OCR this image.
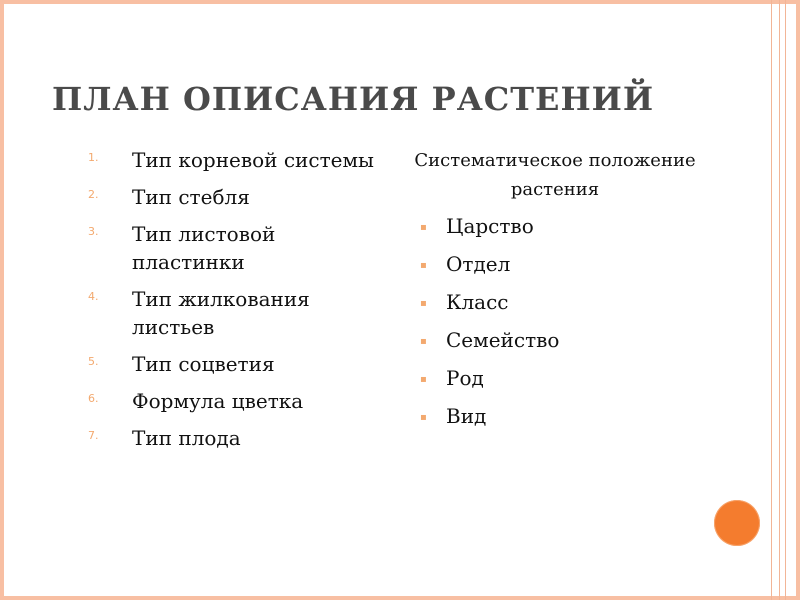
ПЛАН ОПИСАНИЯ РАСТЕНИЙ
1. Тип корневой системы
2. Тип стебля
3. Тип листовой пластинки
4. Тип жилкования листьев
5. Тип соцветия
6. Формула цветка
7. Тип плода
Систематическое положение растения
▪ Царство
▪ Отдел
▪ Класс
▪ Семейство
▪ Род
▪ Вид
